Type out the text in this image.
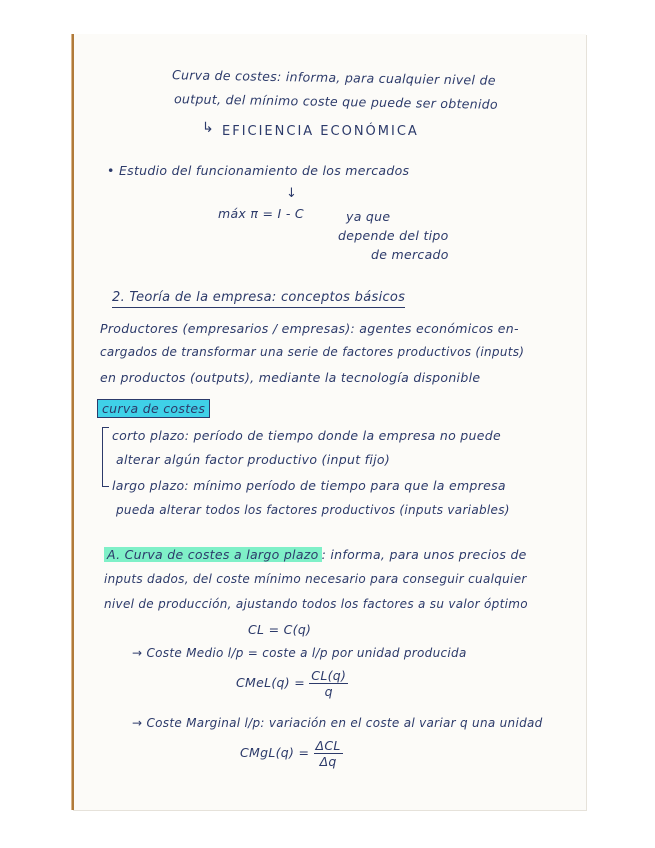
Curva de costes: informa, para cualquier nivel de
output, del mínimo coste que puede ser obtenido
↳ EFICIENCIA ECONÓMICA
• Estudio del funcionamiento de los mercados
↓
máx π = I - C	ya que
depende del tipo
de mercado
2. Teoría de la empresa: conceptos básicos
Productores (empresarios / empresas): agentes económicos en-
cargados de transformar una serie de factores productivos (inputs)
en productos (outputs), mediante la tecnología disponible
curva de costes
corto plazo: período de tiempo donde la empresa no puede
alterar algún factor productivo (input fijo)
largo plazo: mínimo período de tiempo para que la empresa
pueda alterar todos los factores productivos (inputs variables)
A. Curva de costes a largo plazo : informa, para unos precios de
inputs dados, del coste mínimo necesario para conseguir cualquier
nivel de producción, ajustando todos los factores a su valor óptimo
CL = C(q)
→ Coste Medio l/p = coste a l/p por unidad producida
CMeL(q) = $\frac{CL(q)}{q}$
→ Coste Marginal l/p: variación en el coste al variar q una unidad
CMgL(q) = $\frac{\text{ΔCL}}{\Delta q}$
